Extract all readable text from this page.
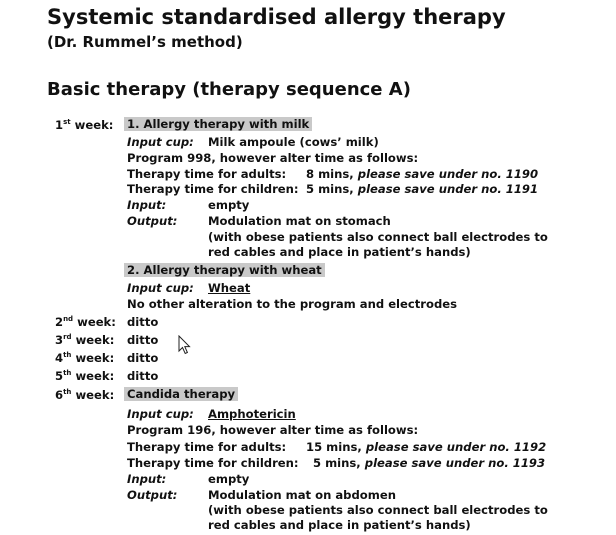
Systemic standardised allergy therapy
(Dr. Rummel’s method)
Basic therapy (therapy sequence A)
1st week: 1. Allergy therapy with milk
Input cup: Milk ampoule (cows’ milk)
Program 998, however alter time as follows:
Therapy time for adults: 8 mins, please save under no. 1190
Therapy time for children: 5 mins, please save under no. 1191
Input:	empty
Output:	Modulation mat on stomach
(with obese patients also connect ball electrodes to
red cables and place in patient’s hands)
2. Allergy therapy with wheat
Input cup: Wheat
No other alteration to the program and electrodes
2nd week: ditto
3rd week: ditto
4th week: ditto
5th week: ditto
6th week: Candida therapy
Input cup: Amphotericin
Program 196, however alter time as follows:
Therapy time for adults: 15 mins, please save under no. 1192
Therapy time for children: 5 mins, please save under no. 1193
Input:	empty
Output:	Modulation mat on abdomen
(with obese patients also connect ball electrodes to
red cables and place in patient’s hands)
